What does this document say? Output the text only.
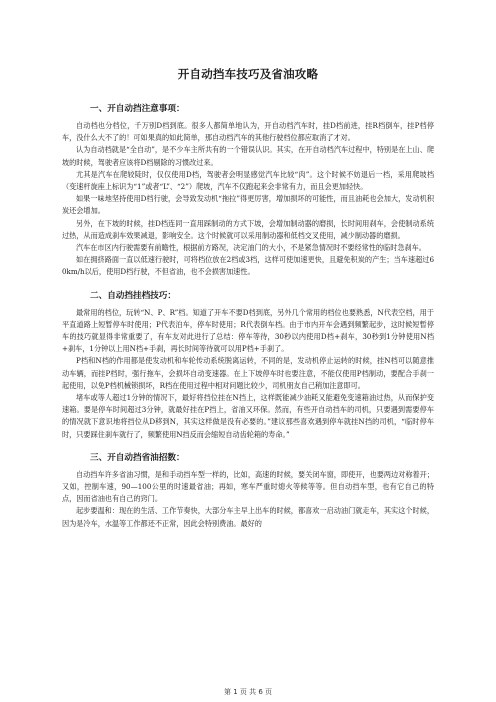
开自动挡车技巧及省油攻略
一、开自动挡注意事项：

自动档也分档位，千万别D档到底。很多人都简单地认为，开自动档汽车时，挂D档前进，挂R档倒车，挂P档停车，没什么大不了的！可如果真的如此简单，那自动档汽车的其他行驶档位都应取消了才对。

认为自动档就是“全自动”，是不少车主所共有的一个错误认识。其实，在开自动档汽车过程中，特别是在上山、爬坡的时候，驾驶者应该将D档剔除的习惯改过来。

尤其是汽车在爬较陡时，仅仅使用D档，驾驶者会明显感觉汽车比较“肉”。这个时候不妨退后一档，采用爬坡档（变速杆旋座上标识为“1”或者“L”、“2”）爬坡，汽车不仅跑起来会非常有力，而且会更加轻快。

如果一味地坚持使用D档行驶，会导致发动机“拖拉”得更厉害，增加损坏的可能性，而且油耗也会加大，发动机积炭还会增加。

另外，在下坡的时候，挂D档连同一直用踩制动的方式下坡，会增加制动器的磨损，长时间用刹车，会使制动系统过热，从而造成刹车效果减退，影响安全。这个时候就可以采用制动器和低档交叉使用，减少制动器的磨损。

汽车在市区内行驶需要有前瞻性，根据前方路况，决定油门的大小，不是紧急情况时不要经常性的临时急刹车。

如在拥挤路面一直以低速行驶时，可将档位放在2档或3档，这样可使加速更快，且避免积炭的产生；当车速超过60km/h以后，使用D档行驶，不但省油，也不会损害加速性。

二、自动挡挂档技巧：

最常用的档位，玩转“N、P、R”档。知道了开车不要D档到底，另外几个常用的档位也要熟悉，N代表空档，用于平直道路上短暂停车时使用；P代表泊车，停车时使用；R代表倒车档。由于市内开车会遇到频繁起步，这时候短暂停车的技巧就显得非常重要了，有车友对此进行了总结：停车等待，30秒以内使用D档+刹车，30秒到1分钟使用N档+刹车，1分钟以上用N档+手刹，再长时间等待就可以用P档+手刹了。

P档和N档的作用都是使发动机和车轮传动系统脱离运转，不同的是，发动机停止运转的时候，挂N档可以随意推动车辆，而挂P档时，强行拖车，会损坏自动变速器。在上下坡停车时也要注意，不能仅使用P档制动，要配合手刹一起使用，以免P档机械锁损坏，R档在使用过程中相对问题比较少，司机朋友自己稍加注意即可。

堵车或等人超过1分钟的情况下，最好将挡位挂在N挡上，这样既能减少油耗又能避免变速箱油过热，从而保护变速箱。要是停车时间超过3分钟，就最好挂在P挡上，省油又环保。然而，有些开自动挡车的司机，只要遇到需要停车的情况就下意识地将挡位从D移到N，其实这样做是没有必要的。”建议那些喜欢遇到停车就挂N挡的司机，“临时停车时，只要踩住刹车就行了，频繁使用N挡反而会缩短自动齿轮箱的寿命。”

三、开自动挡省油招数：

自动挡车许多省油习惯，是和手动挡车型一样的，比如，高速的时候，要关闭车窗，即使开，也要两边对称着开；又如，控制车速，90—100公里的时速最省油；再如，寒车严重时熄火等候等等。但自动挡车型，也有它自己的特点，因而省油也有自己的窍门。

起步要温和：现在的生活、工作节奏快，大部分车主早上出车的时候，都喜欢一启动油门就走车，其实这个时候，因为是冷车，水温等工作都还不正常，因此会特别费油。最好的

第 1 页 共 6 页
